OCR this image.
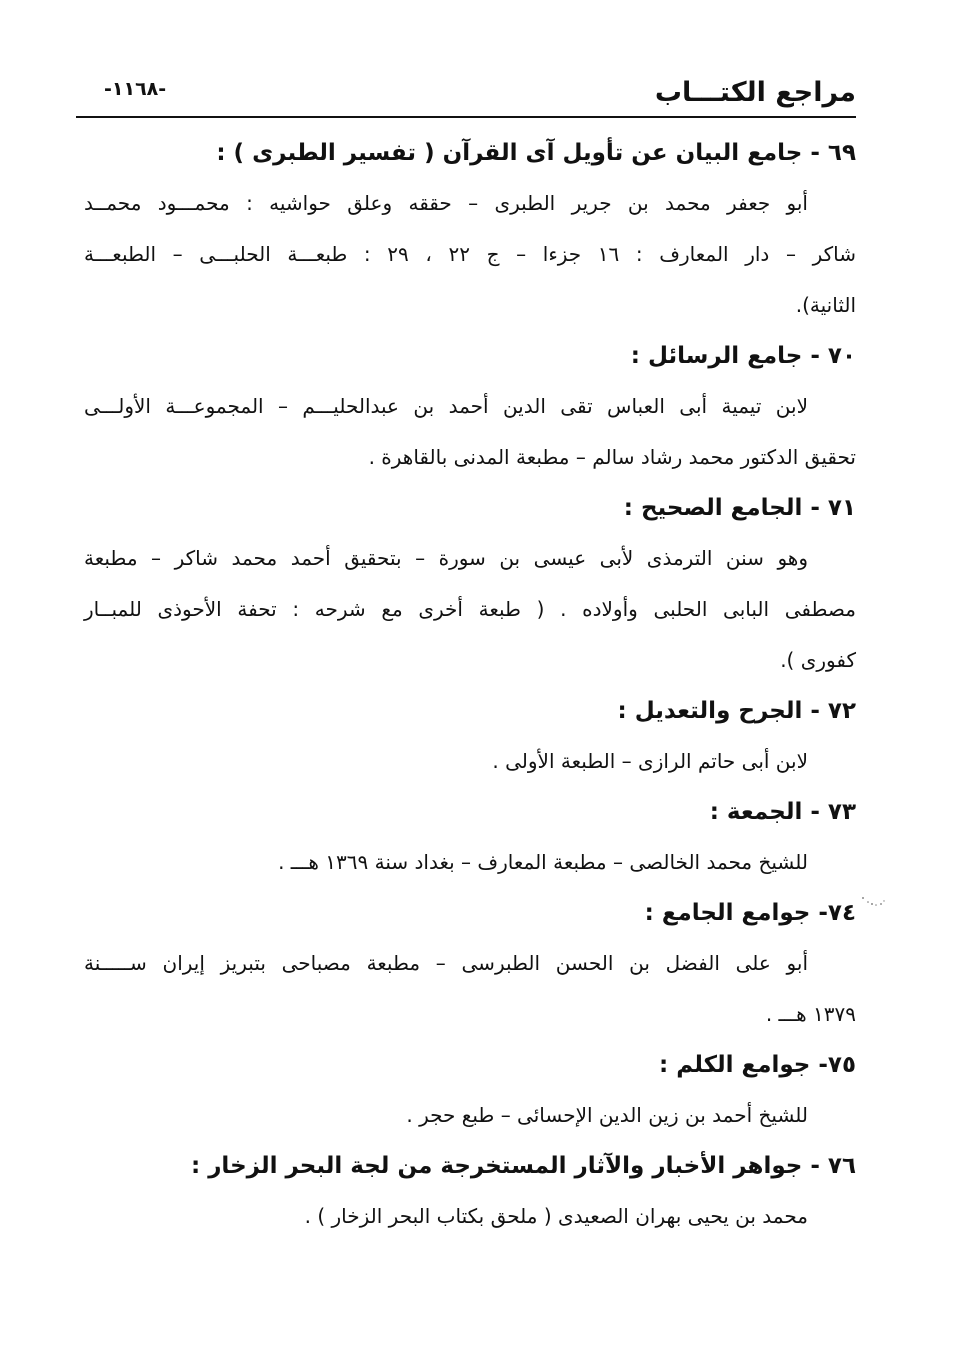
مراجع الكتـــاب
-١١٦٨-

٦٩ - جامع البيان عن تأويل آى القرآن ( تفسير الطبرى ) :

أبو جعفر محمد بن جرير الطبرى – حققه وعلق حواشيه : محمـــود محمــد
شاكر – دار المعارف : ١٦ جزءا – ج ٢٢ ، ٢٩ : طبعـــة الحلبـــى – الطبعـــة
الثانية).

٧٠ - جامع الرسائل :

لابن تيمية أبى العباس تقى الدين أحمد بن عبدالحليـــم – المجموعـــة الأولـــى
تحقيق الدكتور محمد رشاد سالم – مطبعة المدنى بالقاهرة .

٧١ - الجامع الصحيح :

وهو سنن الترمذى لأبى عيسى بن سورة – بتحقيق أحمد محمد شاكر – مطبعة
مصطفى البابى الحلبى وأولاده . ( طبعة أخرى مع شرحه : تحفة الأحوذى للمبــار
كفورى ).

٧٢ - الجرح والتعديل :

لابن أبى حاتم الرازى – الطبعة الأولى .

٧٣ - الجمعة :

للشيخ محمد الخالصى – مطبعة المعارف – بغداد سنة ١٣٦٩ هـــ .

٧٤- جوامع الجامع :

أبو على الفضل بن الحسن الطبرسى – مطبعة مصباحى بتبريز إيران ســـــنة
١٣٧٩ هـــ .

٧٥- جوامع الكلم :

للشيخ أحمد بن زين الدين الإحسائى – طبع حجر .

٧٦ - جواهر الأخبار والآثار المستخرجة من لجة البحر الزخار :

محمد بن يحيى بهران الصعيدى ( ملحق بكتاب البحر الزخار ) .
